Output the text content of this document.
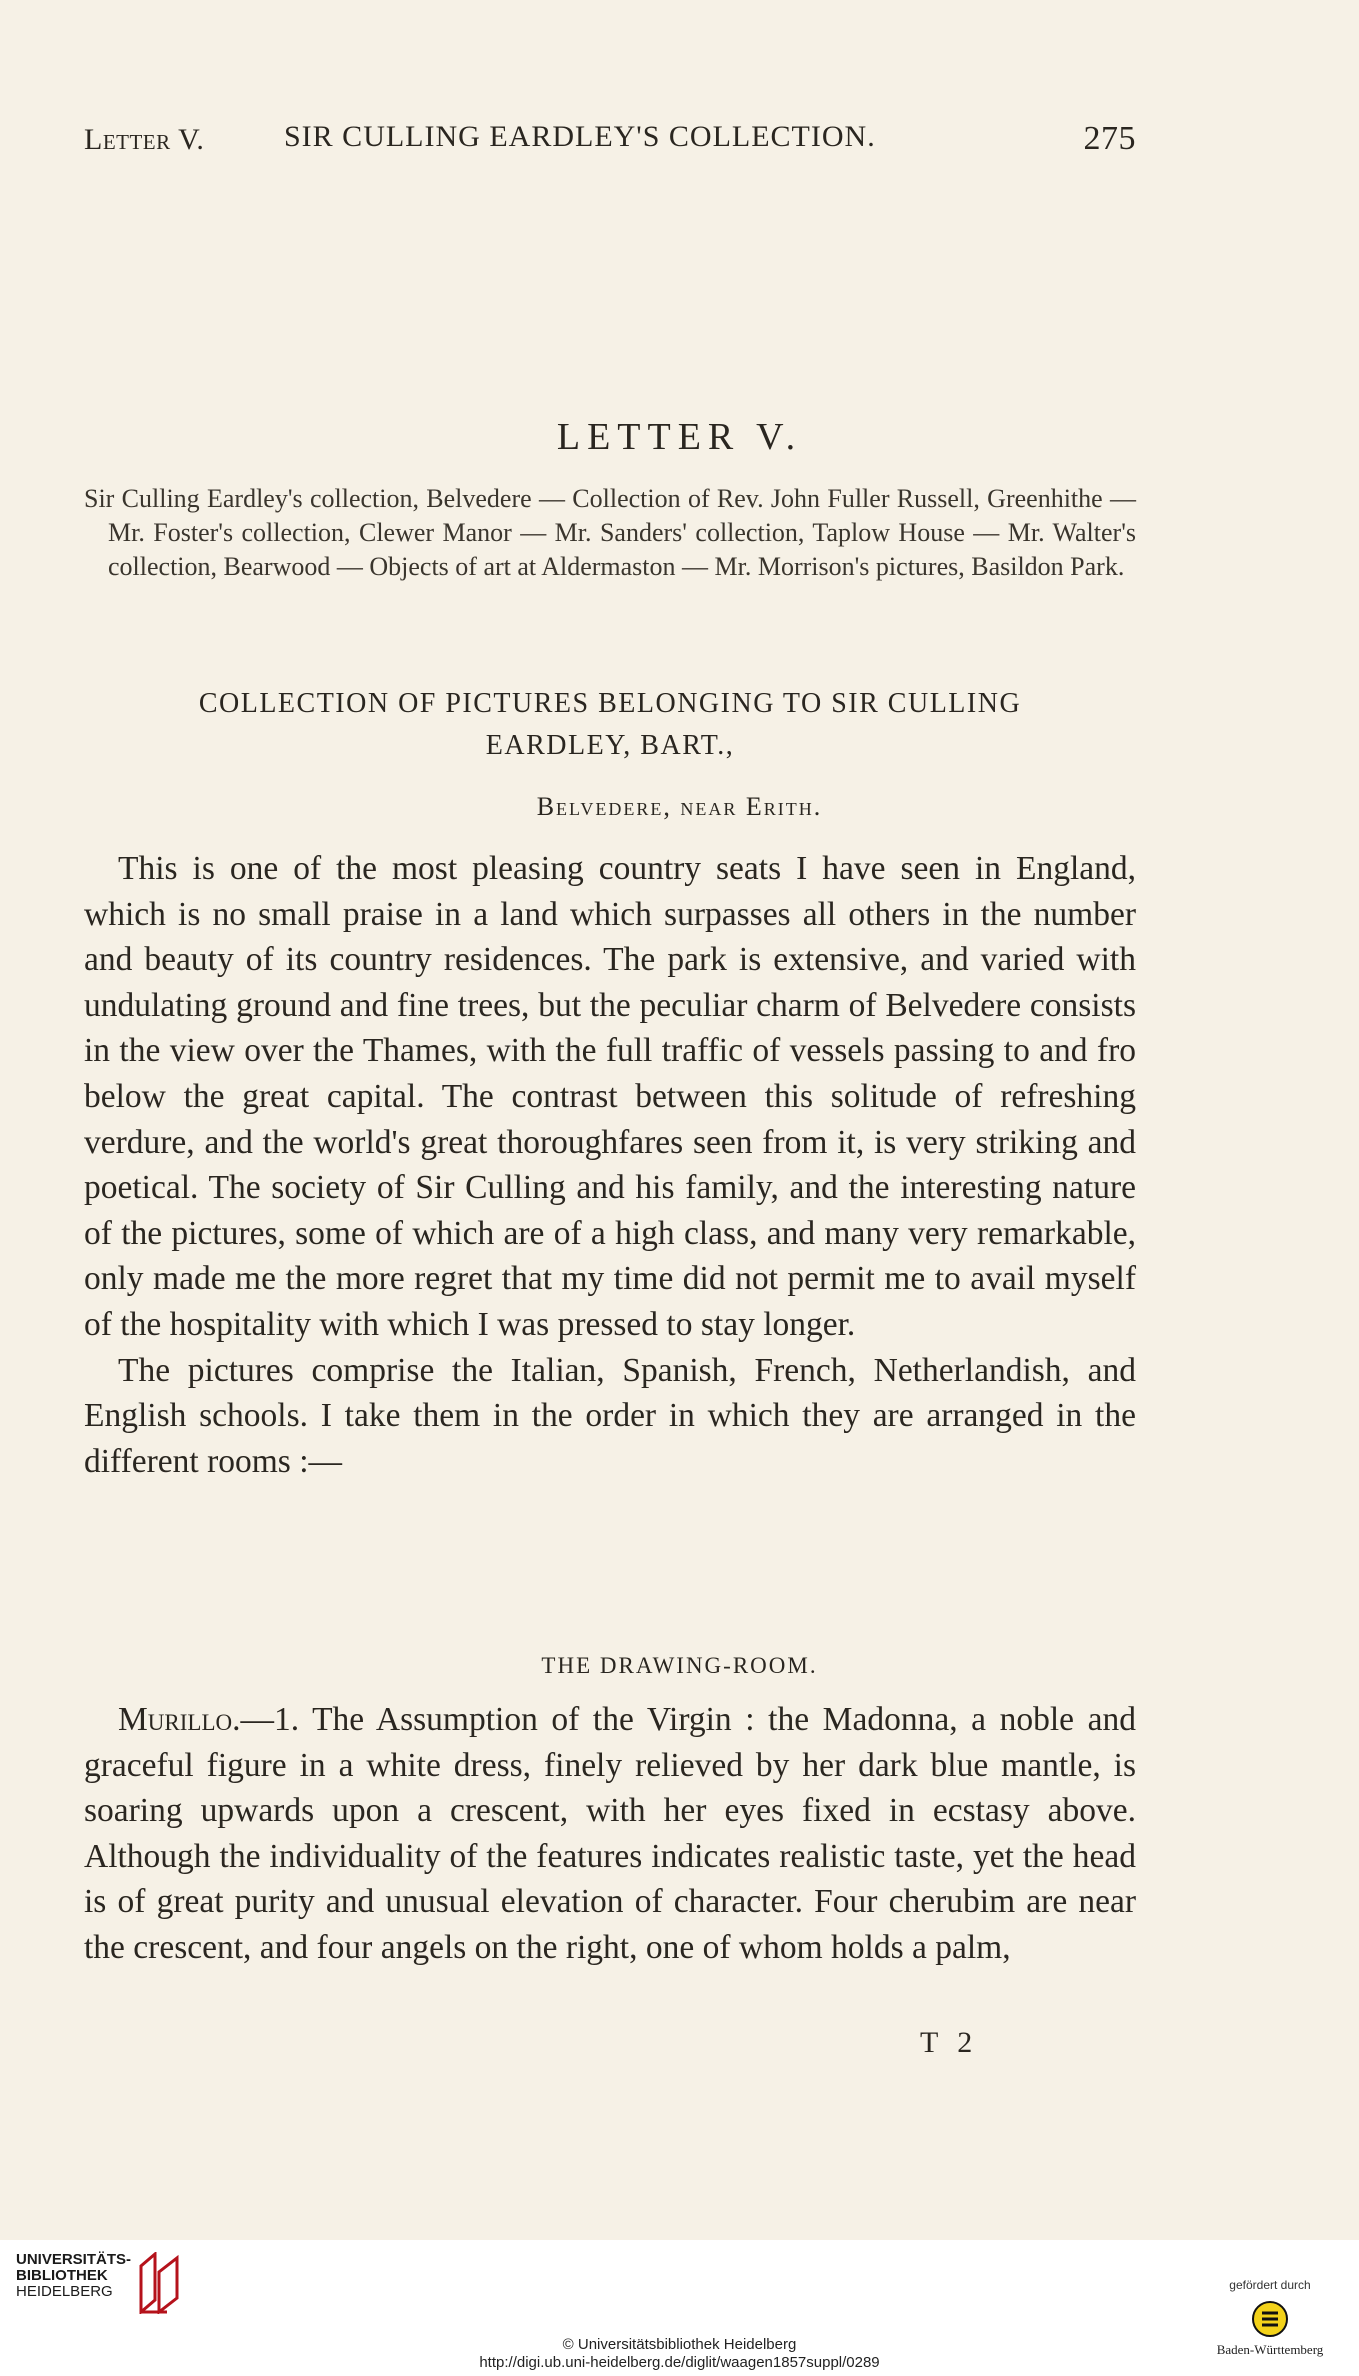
Letter V.	SIR CULLING EARDLEY'S COLLECTION.	275
LETTER V.
Sir Culling Eardley's collection, Belvedere — Collection of Rev. John Fuller Russell, Greenhithe — Mr. Foster's collection, Clewer Manor — Mr. Sanders' collection, Taplow House — Mr. Walter's collection, Bearwood — Objects of art at Aldermaston — Mr. Morrison's pictures, Basildon Park.
COLLECTION OF PICTURES BELONGING TO SIR CULLING
EARDLEY, BART.,
Belvedere, near Erith.

This is one of the most pleasing country seats I have seen in England, which is no small praise in a land which surpasses all others in the number and beauty of its country residences. The park is extensive, and varied with undulating ground and fine trees, but the peculiar charm of Belvedere consists in the view over the Thames, with the full traffic of vessels passing to and fro below the great capital. The contrast between this solitude of refreshing verdure, and the world's great thoroughfares seen from it, is very striking and poetical. The society of Sir Culling and his family, and the interesting nature of the pictures, some of which are of a high class, and many very remarkable, only made me the more regret that my time did not permit me to avail myself of the hospitality with which I was pressed to stay longer.

The pictures comprise the Italian, Spanish, French, Netherlandish, and English schools. I take them in the order in which they are arranged in the different rooms :—

THE DRAWING-ROOM.

Murillo.—1. The Assumption of the Virgin : the Madonna, a noble and graceful figure in a white dress, finely relieved by her dark blue mantle, is soaring upwards upon a crescent, with her eyes fixed in ecstasy above. Although the individuality of the features indicates realistic taste, yet the head is of great purity and unusual elevation of character. Four cherubim are near the crescent, and four angels on the right, one of whom holds a palm,

T 2
UNIVERSITÄTS-
BIBLIOTHEK
HEIDELBERG
© Universitätsbibliothek Heidelberg
http://digi.ub.uni-heidelberg.de/diglit/waagen1857suppl/0289
gefördert durch
Baden-Württemberg
